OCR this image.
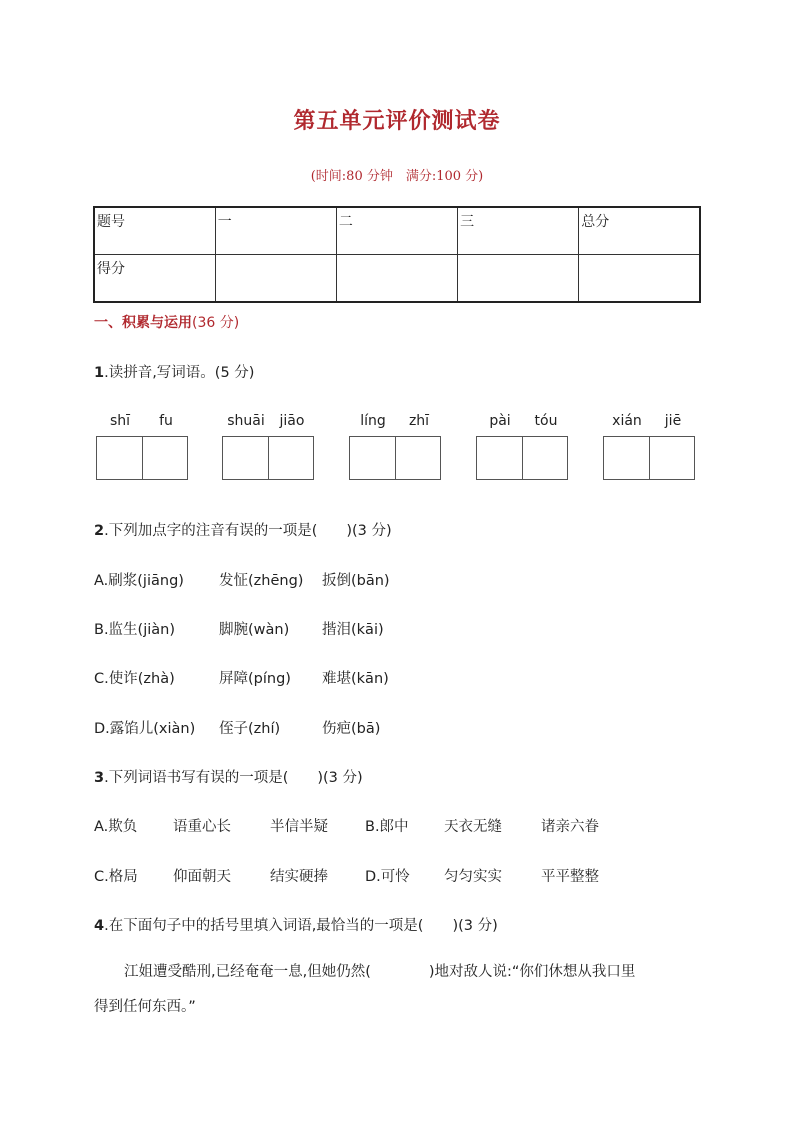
第五单元评价测试卷
(时间:80 分钟　满分:100 分)
题号	一	二	三	总分
得分				
一、积累与运用(36 分)
1.读拼音,写词语。(5 分)
shī	fu	shuāi	jiāo	líng	zhī	pài	tóu	xián	jiē
2.下列加点字的注音有误的一项是(　　)(3 分)
A.刷浆(jiāng) 发怔(zhēng) 扳倒(bān)
B.监生(jiàn)	脚腕(wàn) 揩泪(kāi)
C.使诈(zhà)	屏障(píng) 难堪(kān)
D.露馅儿(xiàn) 侄子(zhí)	伤疤(bā)
3.下列词语书写有误的一项是(　　)(3 分)
A.欺负 语重心长	半信半疑	B.郎中 天衣无缝	诸亲六眷
C.格局 仰面朝天	结实硬捧	D.可怜 匀匀实实	平平整整
4.在下面句子中的括号里填入词语,最恰当的一项是(　　)(3 分)
江姐遭受酷刑,已经奄奄一息,但她仍然(　　　　)地对敌人说:“你们休想从我口里
得到任何东西。”
